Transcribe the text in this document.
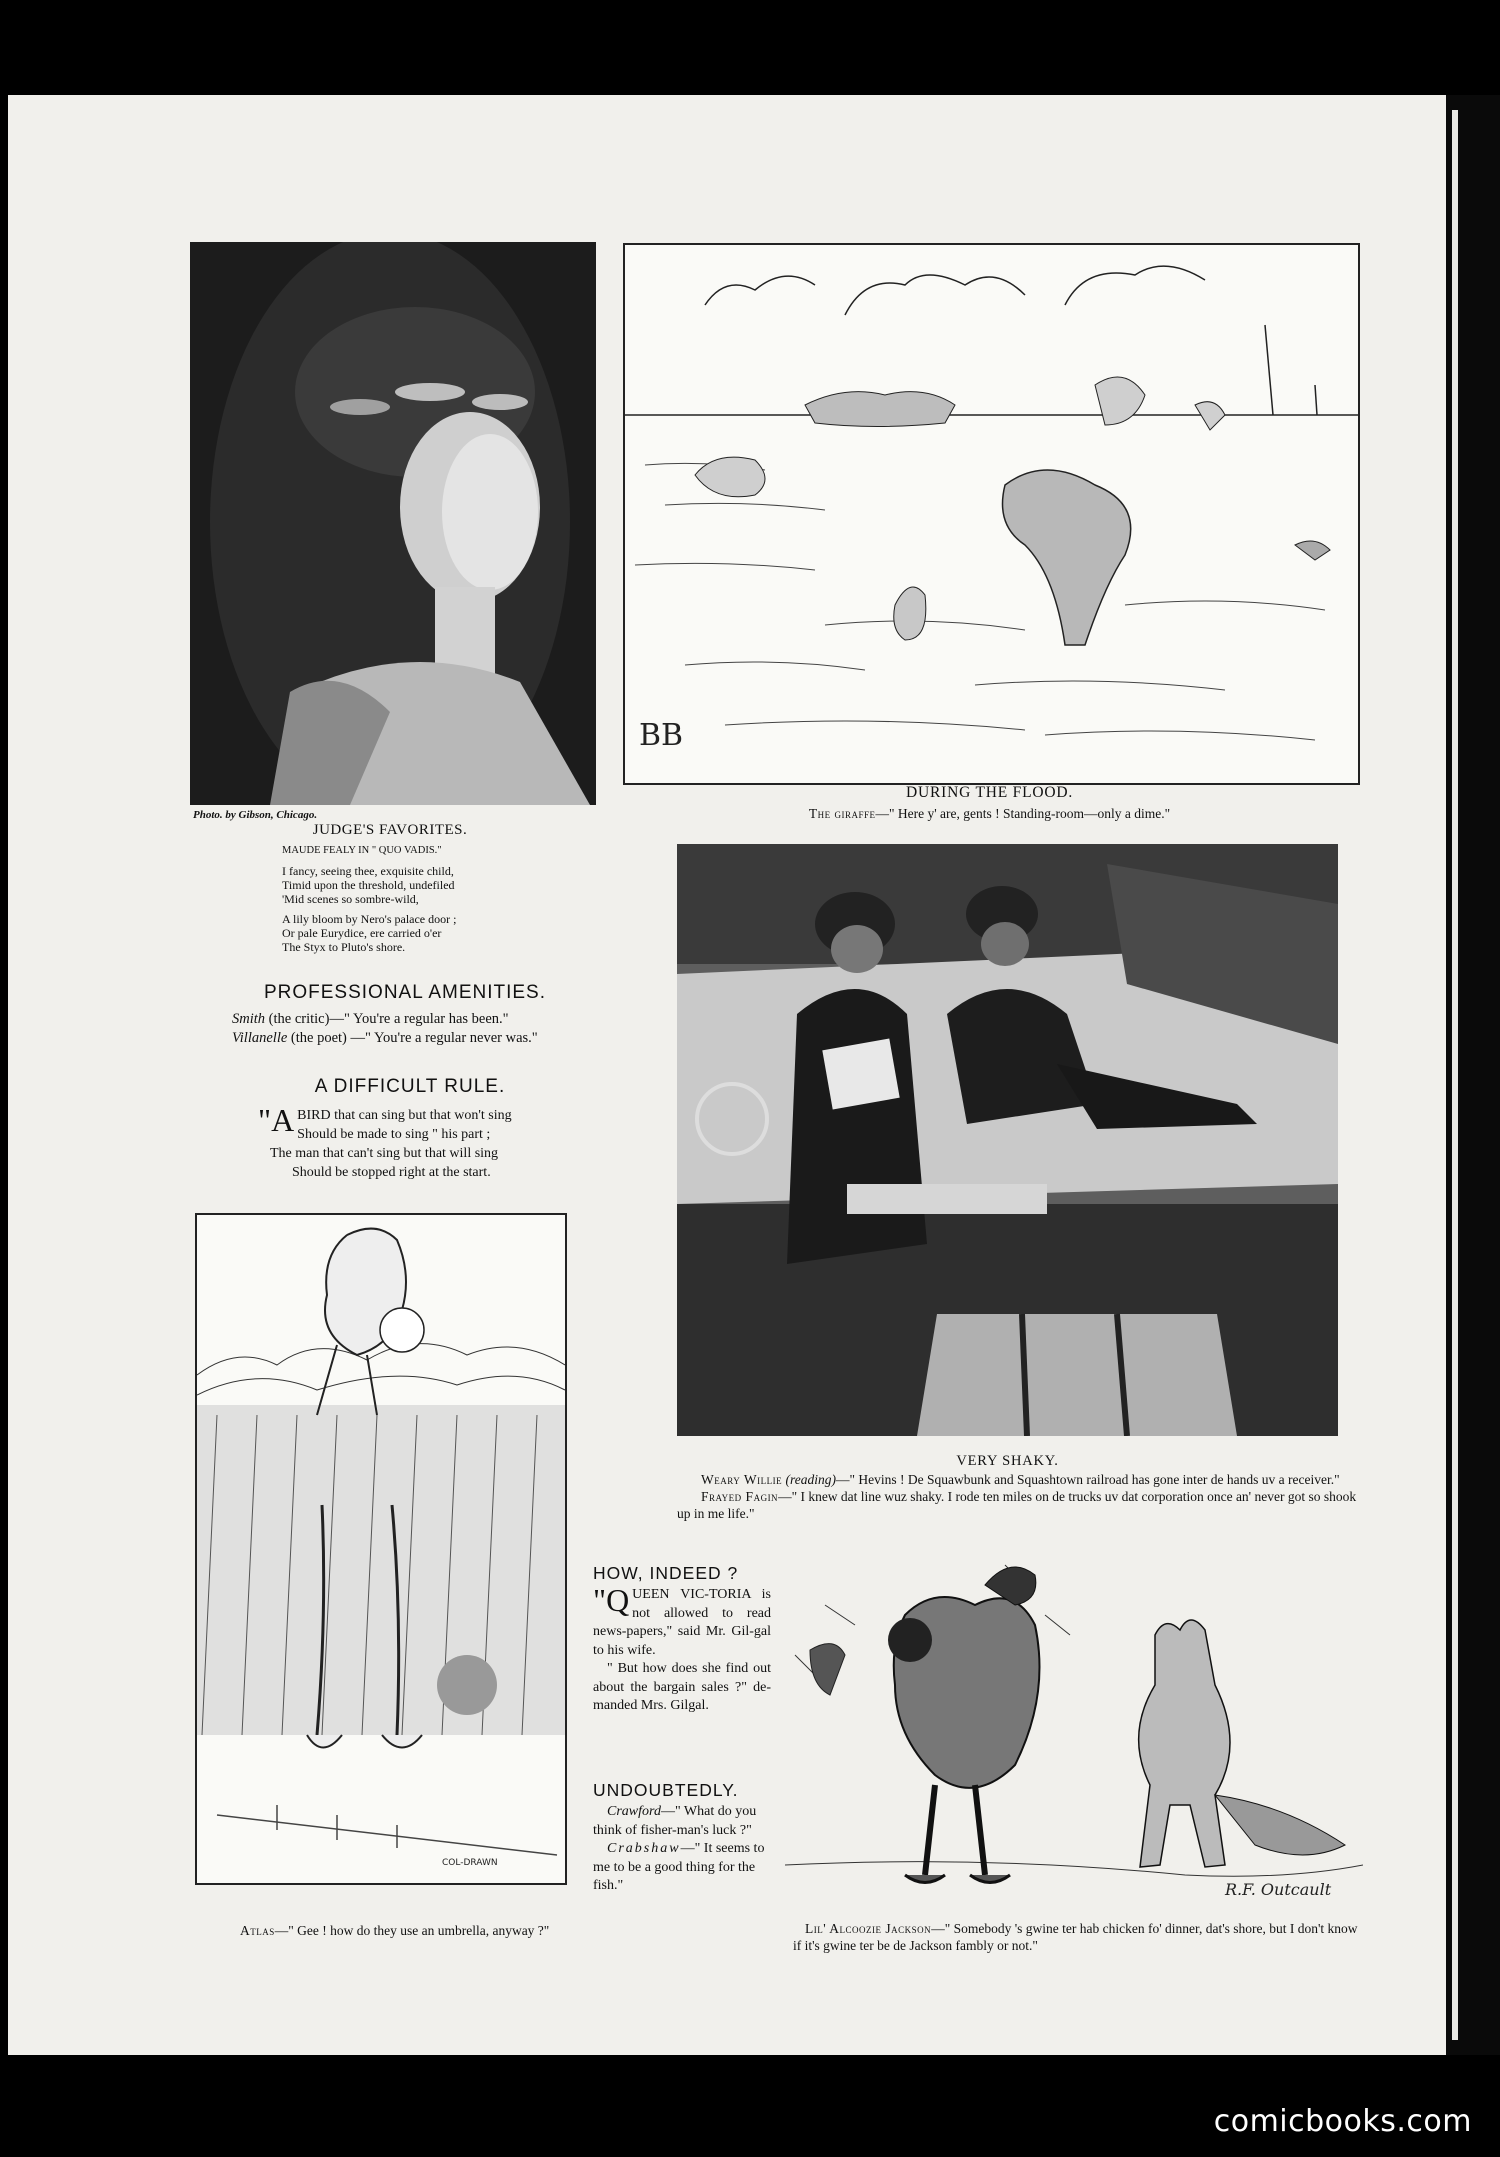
Photo. by Gibson, Chicago.
JUDGE'S FAVORITES.
MAUDE FEALY IN " QUO VADIS."
I fancy, seeing thee, exquisite child,
Timid upon the threshold, undefiled
'Mid scenes so sombre-wild,
A lily bloom by Nero's palace door ;
Or pale Eurydice, ere carried o'er
The Styx to Pluto's shore.
PROFESSIONAL AMENITIES.
Smith (the critic)—" You're a regular has been."
Villanelle (the poet) —" You're a regular never was."
A DIFFICULT RULE.
"A BIRD that can sing but that won't sing
Should be made to sing " his part ;
The man that can't sing but that will sing
Should be stopped right at the start.
COL-DRAWN
Atlas—" Gee ! how do they use an umbrella, anyway ?"
BB
DURING THE FLOOD.
The giraffe—" Here y' are, gents ! Standing-room—only a dime."
VERY SHAKY.
Weary Willie (reading)—" Hevins ! De Squawbunk and Squashtown railroad has gone inter de hands uv a receiver."
Frayed Fagin—" I knew dat line wuz shaky. I rode ten miles on de trucks uv dat corporation once an' never got so shook up in me life."
HOW, INDEED ?
"QUEEN VIC-TORIA is not allowed to read news-papers," said Mr. Gil-gal to his wife.
" But how does she find out about the bargain sales ?" de-manded Mrs. Gilgal.
UNDOUBTEDLY.
Crawford—" What do you think of fisher-man's luck ?"
Crabshaw—" It seems to me to be a good thing for the fish."	R.F. Outcault
Lil' Alcoozie Jackson—" Somebody 's gwine ter hab chicken fo' dinner, dat's shore, but I don't know if it's gwine ter be de Jackson fambly or not."
comicbooks.com
